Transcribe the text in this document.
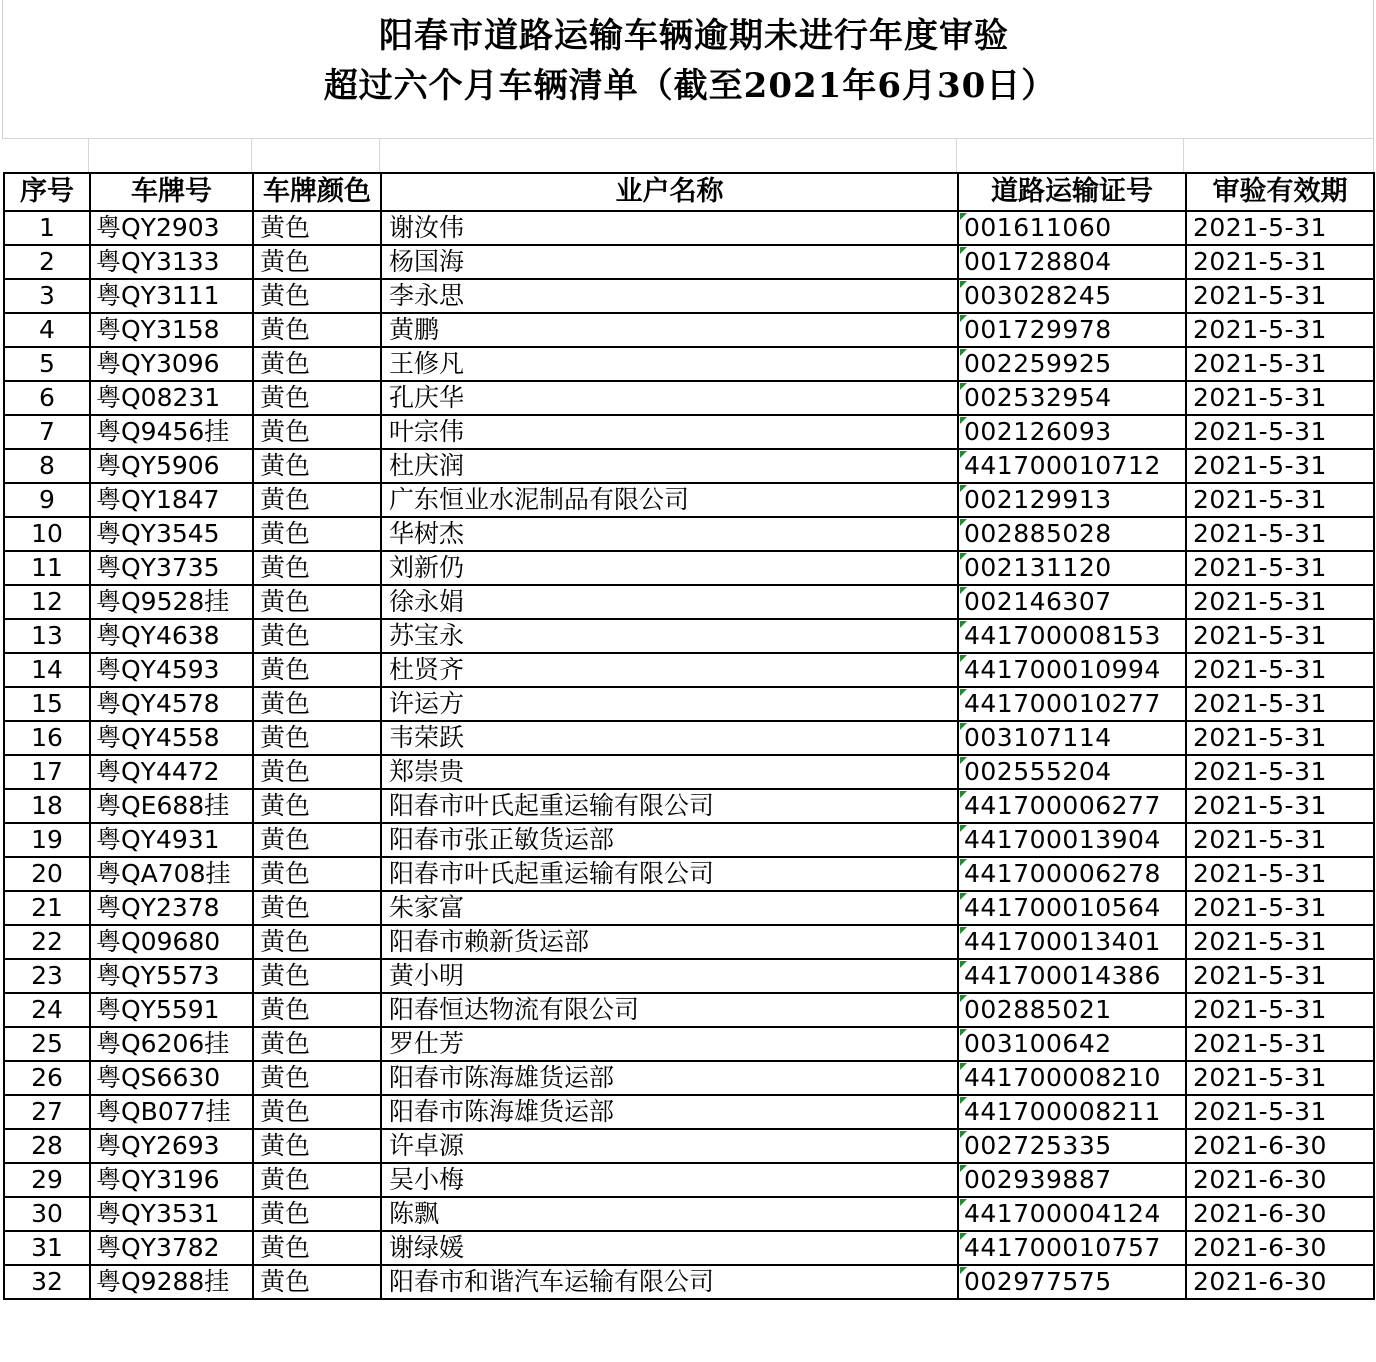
阳春市道路运输车辆逾期未进行年度审验
超过六个月车辆清单（截至2021年6月30日）
序号	车牌号	车牌颜色	业户名称	道路运输证号	审验有效期
1	粤QY2903	黄色	谢汝伟	001611060	2021-5-31
2	粤QY3133	黄色	杨国海	001728804	2021-5-31
3	粤QY3111	黄色	李永思	003028245	2021-5-31
4	粤QY3158	黄色	黄鹏	001729978	2021-5-31
5	粤QY3096	黄色	王修凡	002259925	2021-5-31
6	粤Q08231	黄色	孔庆华	002532954	2021-5-31
7	粤Q9456挂	黄色	叶宗伟	002126093	2021-5-31
8	粤QY5906	黄色	杜庆润	441700010712	2021-5-31
9	粤QY1847	黄色	广东恒业水泥制品有限公司	002129913	2021-5-31
10	粤QY3545	黄色	华树杰	002885028	2021-5-31
11	粤QY3735	黄色	刘新仍	002131120	2021-5-31
12	粤Q9528挂	黄色	徐永娟	002146307	2021-5-31
13	粤QY4638	黄色	苏宝永	441700008153	2021-5-31
14	粤QY4593	黄色	杜贤齐	441700010994	2021-5-31
15	粤QY4578	黄色	许运方	441700010277	2021-5-31
16	粤QY4558	黄色	韦荣跃	003107114	2021-5-31
17	粤QY4472	黄色	郑崇贵	002555204	2021-5-31
18	粤QE688挂	黄色	阳春市叶氏起重运输有限公司	441700006277	2021-5-31
19	粤QY4931	黄色	阳春市张正敏货运部	441700013904	2021-5-31
20	粤QA708挂	黄色	阳春市叶氏起重运输有限公司	441700006278	2021-5-31
21	粤QY2378	黄色	朱家富	441700010564	2021-5-31
22	粤Q09680	黄色	阳春市赖新货运部	441700013401	2021-5-31
23	粤QY5573	黄色	黄小明	441700014386	2021-5-31
24	粤QY5591	黄色	阳春恒达物流有限公司	002885021	2021-5-31
25	粤Q6206挂	黄色	罗仕芳	003100642	2021-5-31
26	粤QS6630	黄色	阳春市陈海雄货运部	441700008210	2021-5-31
27	粤QB077挂	黄色	阳春市陈海雄货运部	441700008211	2021-5-31
28	粤QY2693	黄色	许卓源	002725335	2021-6-30
29	粤QY3196	黄色	吴小梅	002939887	2021-6-30
30	粤QY3531	黄色	陈飘	441700004124	2021-6-30
31	粤QY3782	黄色	谢绿媛	441700010757	2021-6-30
32	粤Q9288挂	黄色	阳春市和谐汽车运输有限公司	002977575	2021-6-30
